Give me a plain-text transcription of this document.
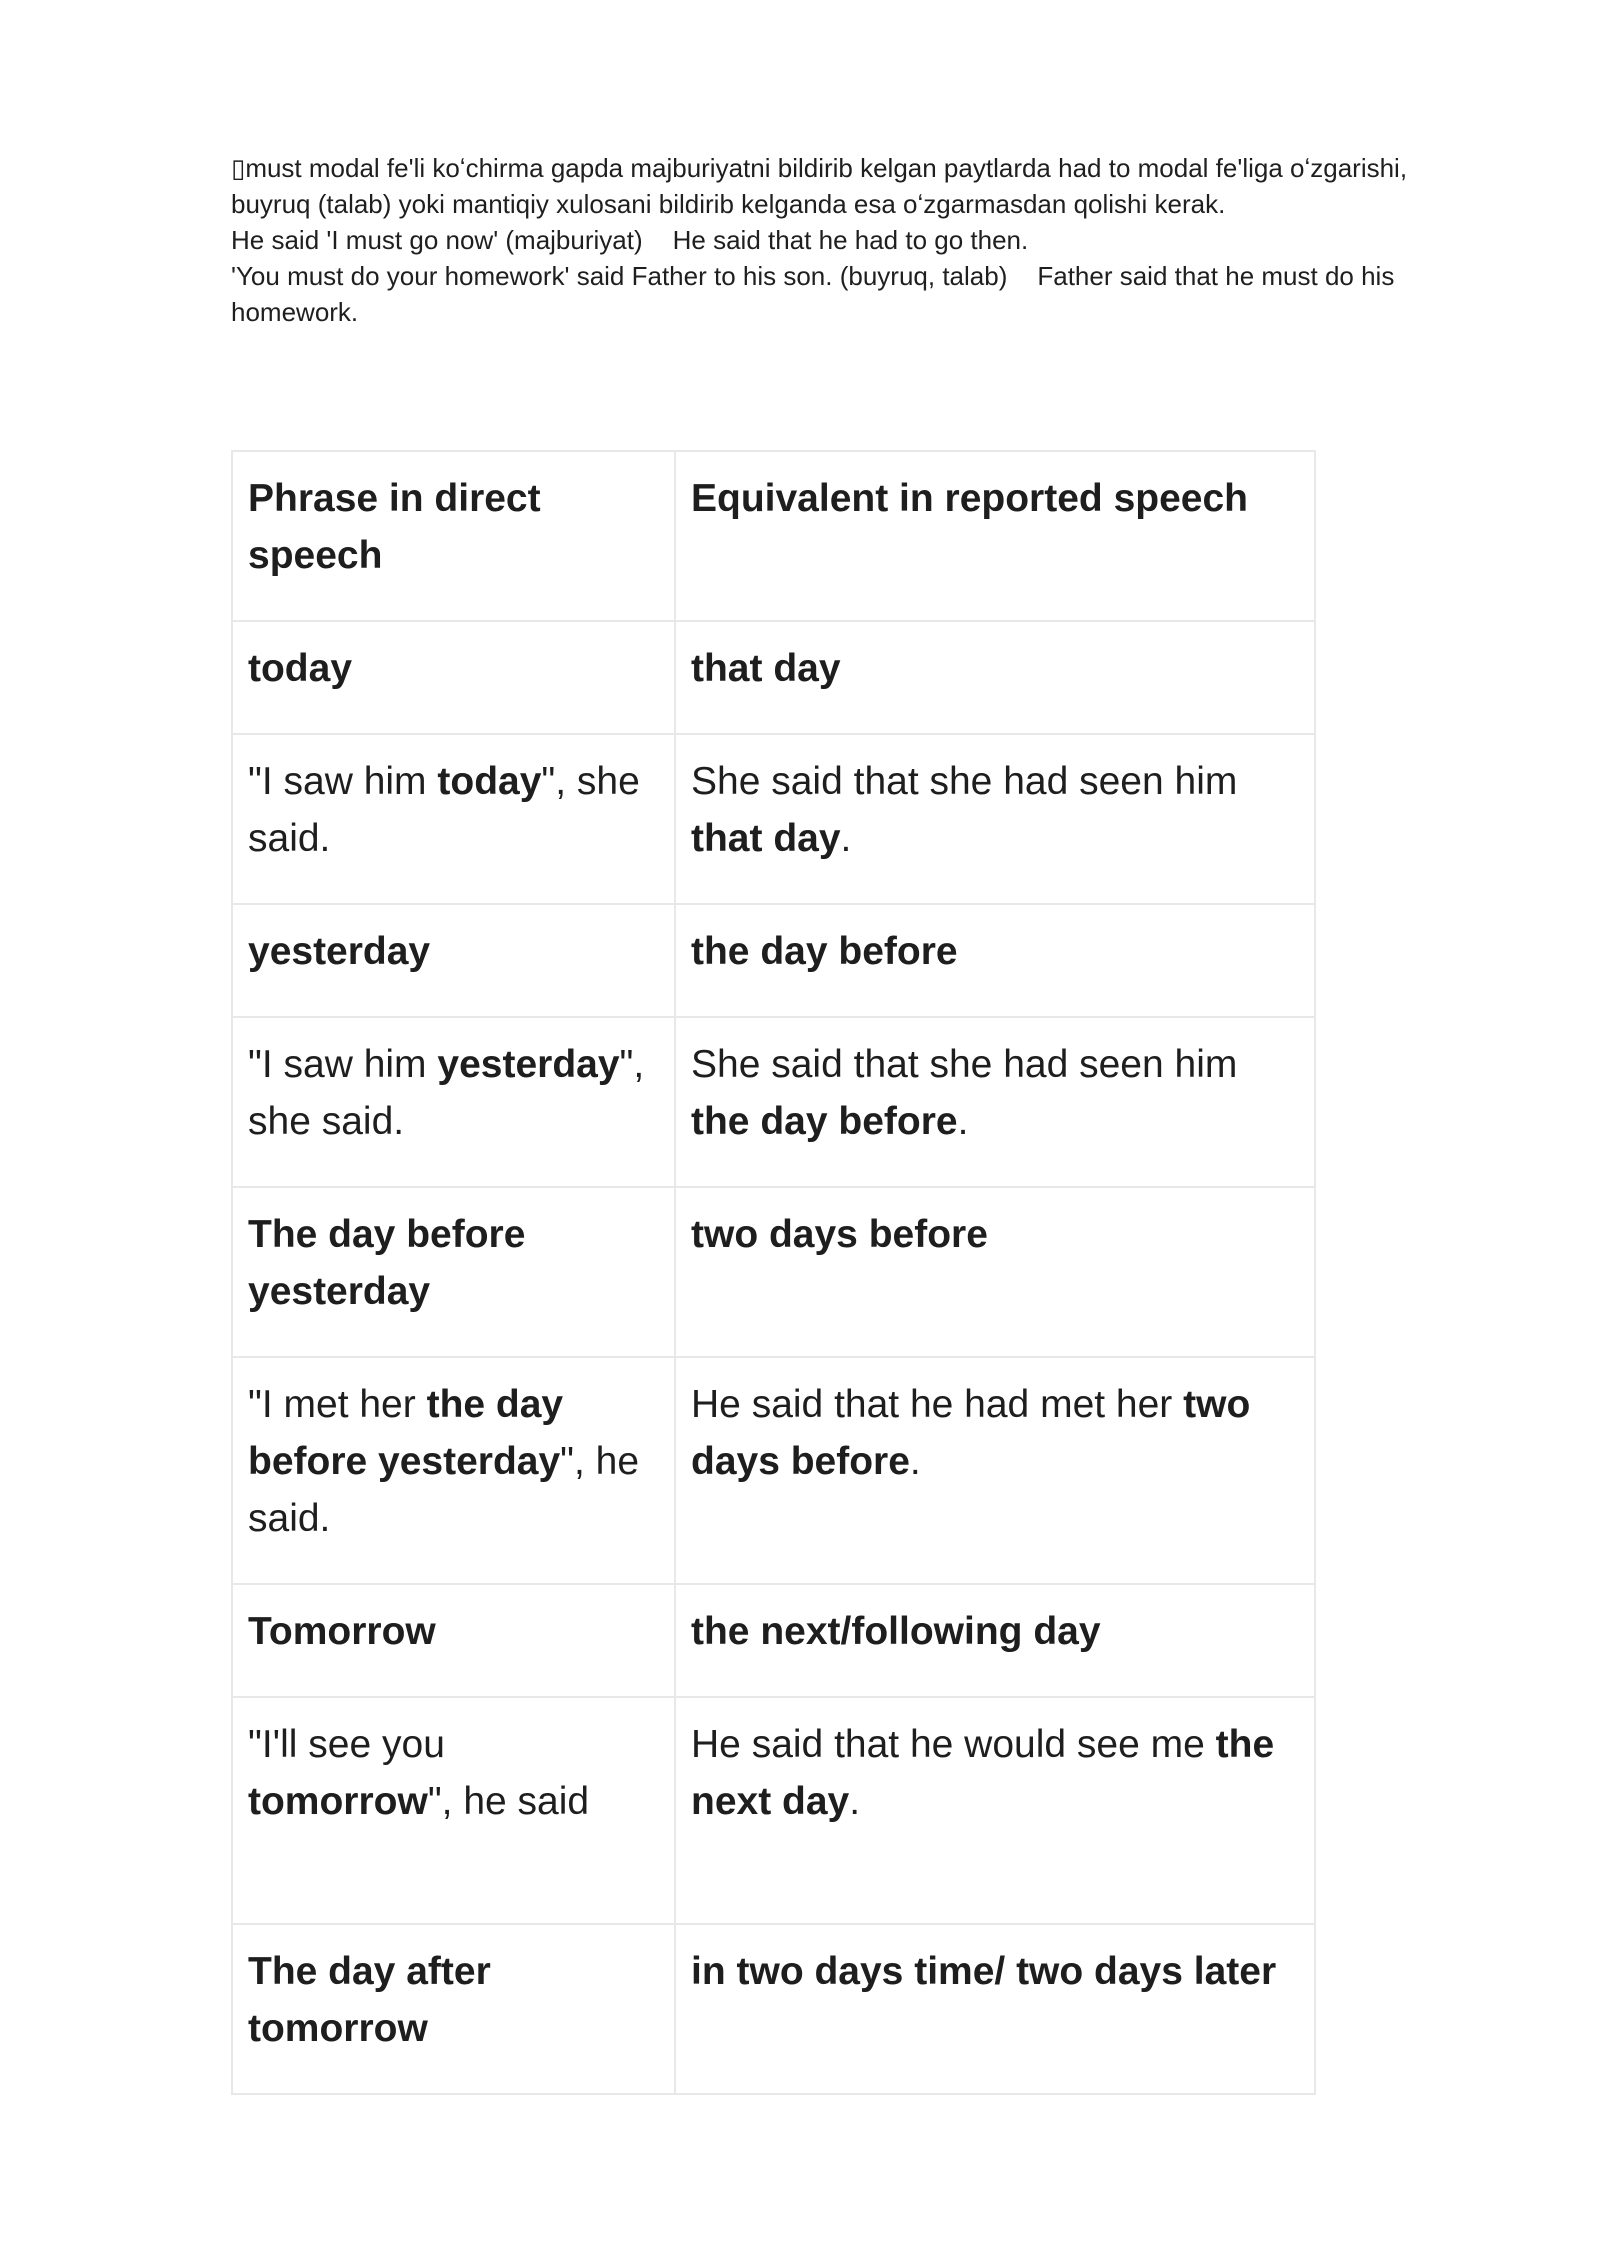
▯must modal fe'li koʻchirma gapda majburiyatni bildirib kelgan paytlarda had to modal fe'liga oʻzgarishi,

buyruq (talab) yoki mantiqiy xulosani bildirib kelganda esa oʻzgarmasdan qolishi kerak.

He said 'I must go now' (majburiyat) He said that he had to go then.

'You must do your homework' said Father to his son. (buyruq, talab) Father said that he must do his

homework.

Phrase in direct speech	Equivalent in reported speech
today	that day
"I saw him today", she said.	She said that she had seen him that day.
yesterday	the day before
"I saw him yesterday", she said.	She said that she had seen him the day before.
The day before yesterday	two days before
"I met her the day before yesterday", he said.	He said that he had met her two days before.
Tomorrow	the next/following day
"I'll see you tomorrow", he said	He said that he would see me the next day.
The day after tomorrow	in two days time/ two days later
